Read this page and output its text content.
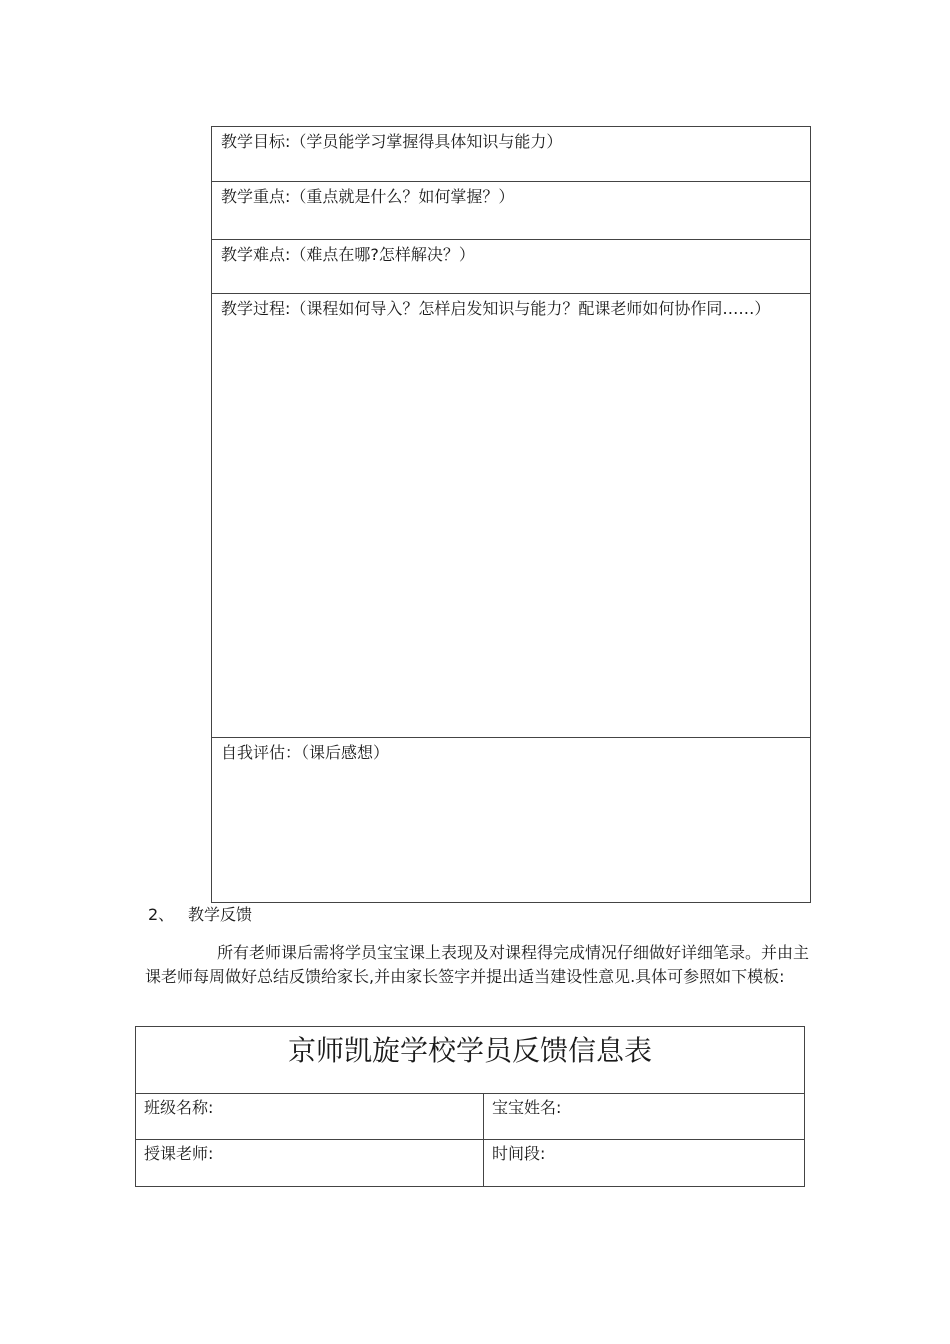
教学目标:（学员能学习掌握得具体知识与能力）
教学重点:（重点就是什么？如何掌握？）
教学难点:（难点在哪?怎样解决？）
教学过程:（课程如何导入？怎样启发知识与能力？配课老师如何协作同……）
自我评估：（课后感想）
2、 教学反馈
所有老师课后需将学员宝宝课上表现及对课程得完成情况仔细做好详细笔录。并由主课老师每周做好总结反馈给家长,并由家长签字并提出适当建设性意见.具体可参照如下模板:
京师凯旋学校学员反馈信息表
班级名称:	宝宝姓名:
授课老师:	时间段:
